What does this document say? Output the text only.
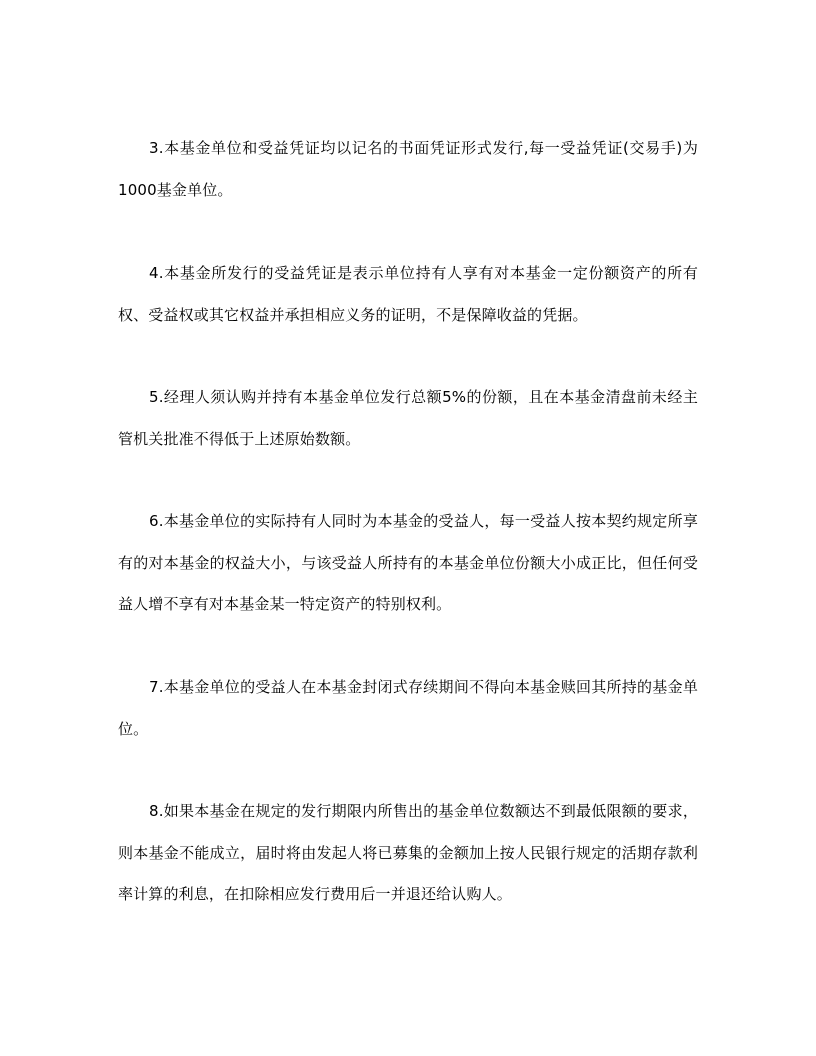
3.本基金单位和受益凭证均以记名的书面凭证形式发行,每一受益凭证(交易手)为1000基金单位。

4.本基金所发行的受益凭证是表示单位持有人享有对本基金一定份额资产的所有权、受益权或其它权益并承担相应义务的证明，不是保障收益的凭据。

5.经理人须认购并持有本基金单位发行总额5%的份额，且在本基金清盘前未经主管机关批准不得低于上述原始数额。

6.本基金单位的实际持有人同时为本基金的受益人，每一受益人按本契约规定所享有的对本基金的权益大小，与该受益人所持有的本基金单位份额大小成正比，但任何受益人增不享有对本基金某一特定资产的特别权利。

7.本基金单位的受益人在本基金封闭式存续期间不得向本基金赎回其所持的基金单位。

8.如果本基金在规定的发行期限内所售出的基金单位数额达不到最低限额的要求，则本基金不能成立，届时将由发起人将已募集的金额加上按人民银行规定的活期存款利率计算的利息，在扣除相应发行费用后一并退还给认购人。
